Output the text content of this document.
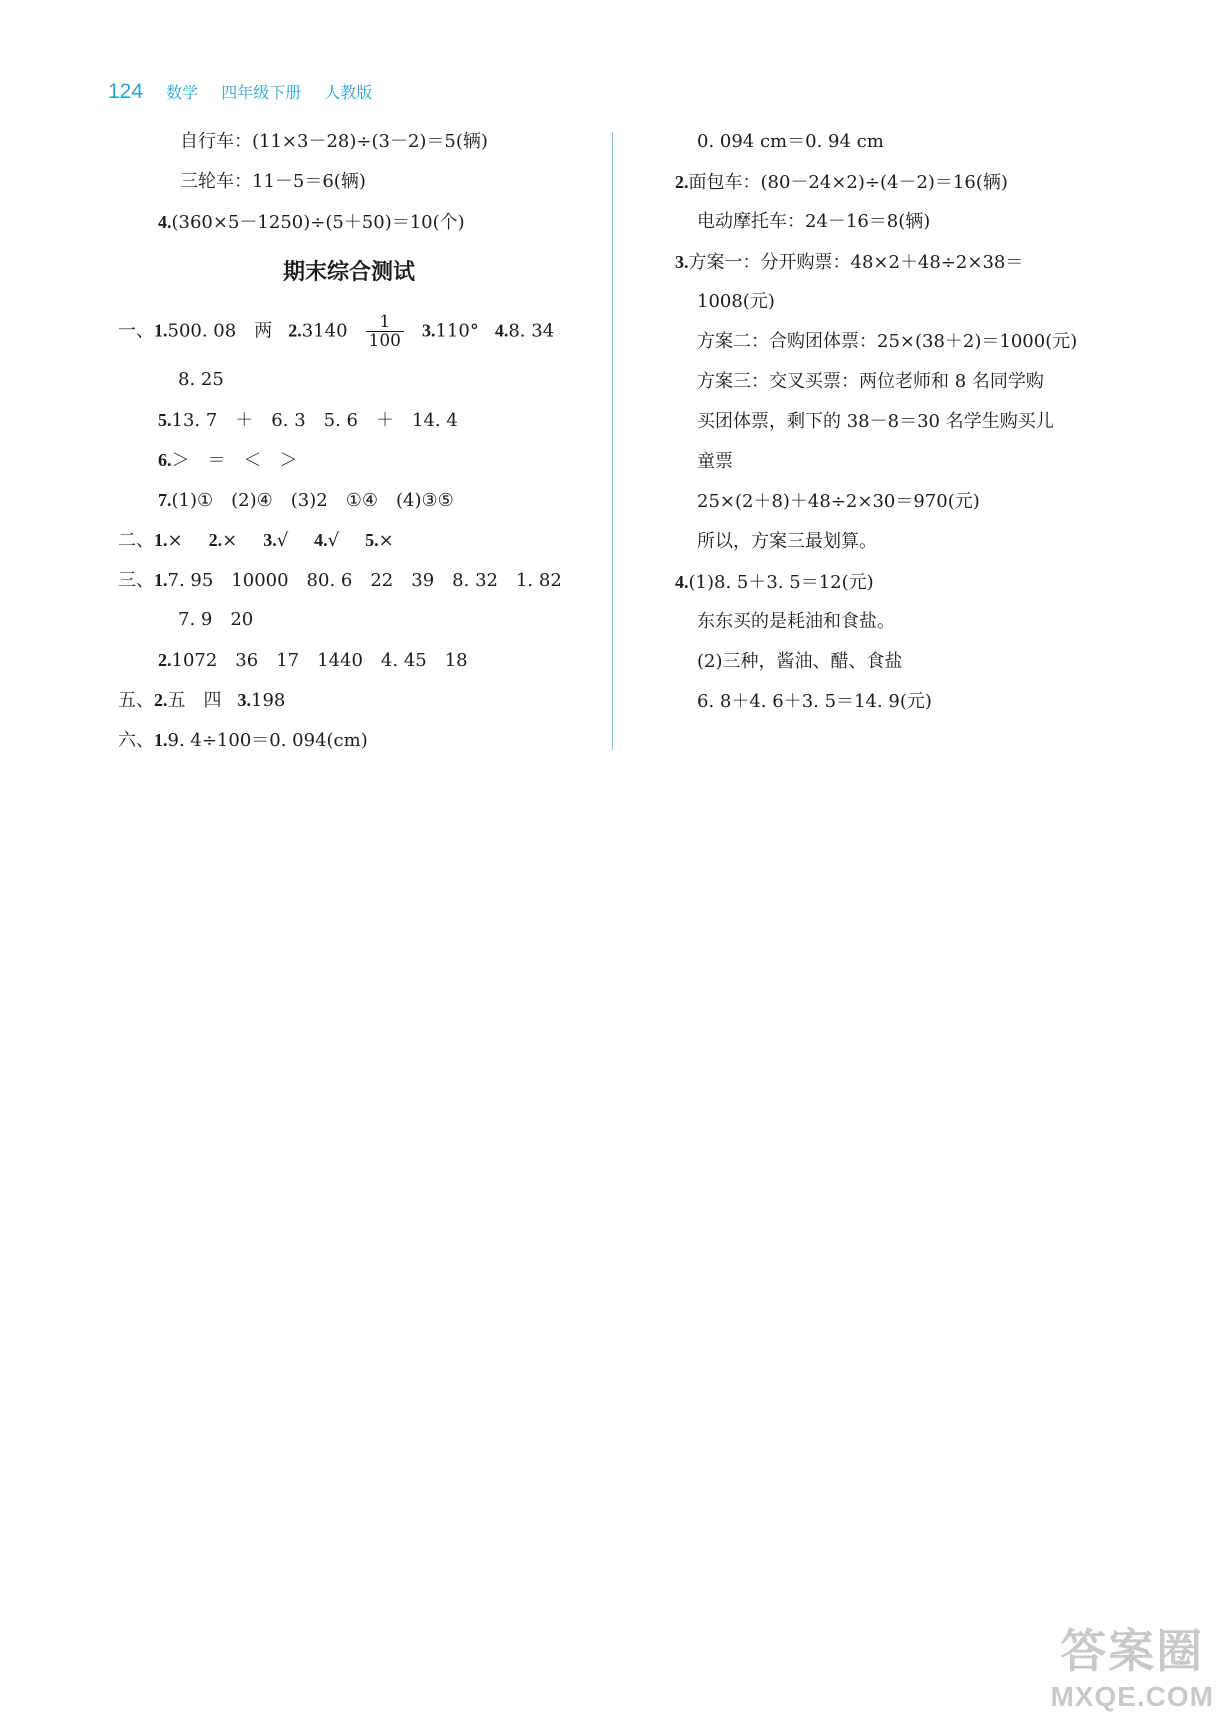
124 数学 四年级下册 人教版
自行车：(11×3－28)÷(3－2)＝5(辆)
三轮车：11－5＝6(辆)
4.(360×5－1250)÷(5＋50)＝10(个)
期末综合测试
一、1.500. 08　两 $2.3140 \frac{1}{100} 3.110^\circ$ 4.8. 34
8. 25
5.13. 7　＋　6. 3　5. 6　＋　14. 4
6.＞　＝　＜　＞
7.(1)①　(2)④　(3)2　①④　(4)③⑤
二、1.× 2.× 3.√ 4.√ 5.×
三、1.7. 95　10000　80. 6　22　39　8. 32　1. 82
7. 9　20
2.1072　36　17　1440　4. 45　18
五、2.五　四 3.198
六、1.9. 4÷100＝0. 094(cm)
0. 094 cm＝0. 94 cm
2.面包车：(80－24×2)÷(4－2)＝16(辆)
电动摩托车：24－16＝8(辆)
3.方案一：分开购票：48×2＋48÷2×38＝
1008(元)
方案二：合购团体票：25×(38＋2)＝1000(元)
方案三：交叉买票：两位老师和 8 名同学购
买团体票，剩下的 38－8＝30 名学生购买儿
童票
25×(2＋8)＋48÷2×30＝970(元)
所以，方案三最划算。
4.(1)8. 5＋3. 5＝12(元)
东东买的是耗油和食盐。
(2)三种，酱油、醋、食盐
6. 8＋4. 6＋3. 5＝14. 9(元)
答案圈
MXQE.COM
